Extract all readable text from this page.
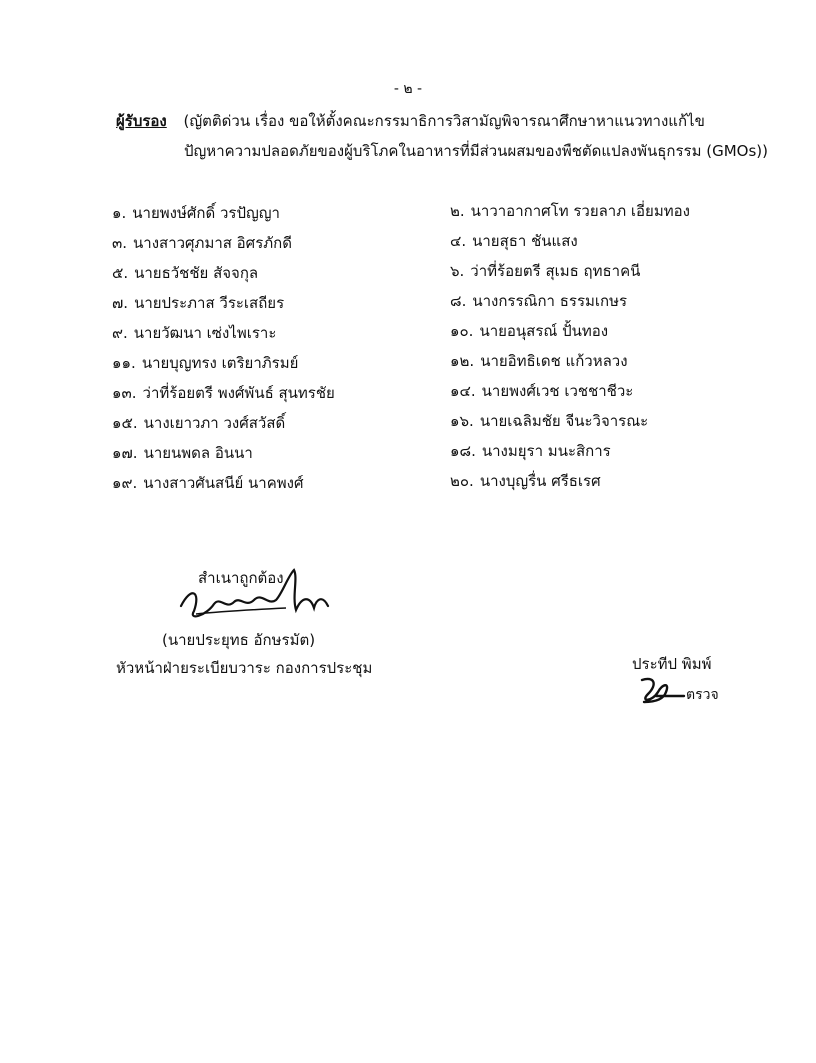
- ๒ -
ผู้รับรอง (ญัตติด่วน เรื่อง ขอให้ตั้งคณะกรรมาธิการวิสามัญพิจารณาศึกษาหาแนวทางแก้ไข
ปัญหาความปลอดภัยของผู้บริโภคในอาหารที่มีส่วนผสมของพืชตัดแปลงพันธุกรรม (GMOs))
๑. นายพงษ์ศักดิ์ วรปัญญา
๓. นางสาวศุภมาส อิศรภักดี
๕. นายธวัชชัย สัจจกุล
๗. นายประภาส วีระเสถียร
๙. นายวัฒนา เซ่งไพเราะ
๑๑. นายบุญทรง เตริยาภิรมย์
๑๓. ว่าที่ร้อยตรี พงศ์พันธ์ สุนทรชัย
๑๕. นางเยาวภา วงศ์สวัสดิ์
๑๗. นายนพดล อินนา
๑๙. นางสาวศันสนีย์ นาคพงศ์
๒. นาวาอากาศโท รวยลาภ เอี่ยมทอง
๔. นายสุธา ชันแสง
๖. ว่าที่ร้อยตรี สุเมธ ฤทธาคนี
๘. นางกรรณิกา ธรรมเกษร
๑๐. นายอนุสรณ์ ปั้นทอง
๑๒. นายอิทธิเดช แก้วหลวง
๑๔. นายพงศ์เวช เวชชาชีวะ
๑๖. นายเฉลิมชัย จีนะวิจารณะ
๑๘. นางมยุรา มนะสิการ
๒๐. นางบุญรื่น ศรีธเรศ
สำเนาถูกต้อง
(นายประยุทธ อักษรมัต)
หัวหน้าฝ่ายระเบียบวาระ กองการประชุม	ประทีป พิมพ์
ตรวจ
